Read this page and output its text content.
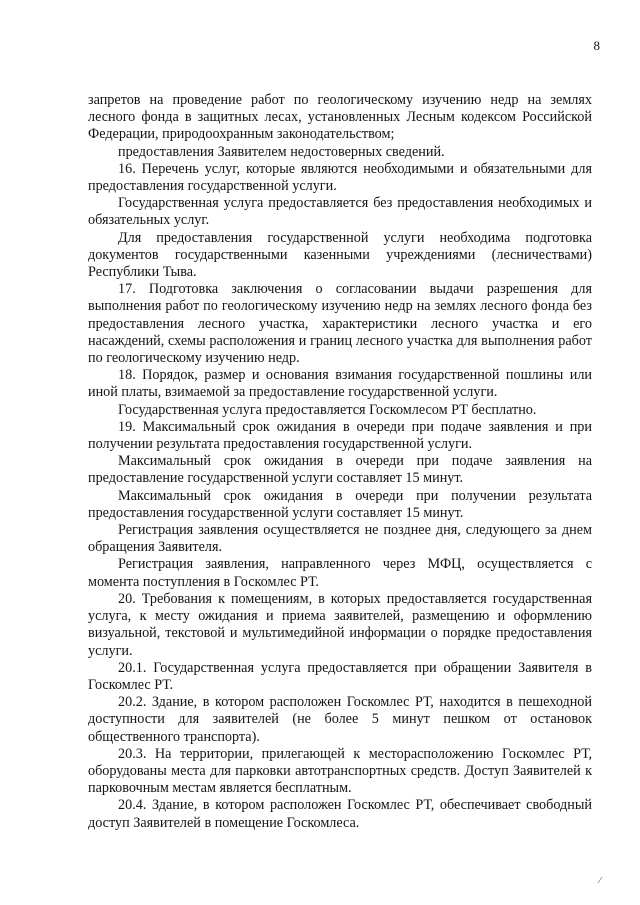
8

запретов на проведение работ по геологическому изучению недр на землях лесного фонда в защитных лесах, установленных Лесным кодексом Российской Федерации, природоохранным законодательством;

предоставления Заявителем недостоверных сведений.

16. Перечень услуг, которые являются необходимыми и обязательными для предоставления государственной услуги.

Государственная услуга предоставляется без предоставления необходимых и обязательных услуг.

Для предоставления государственной услуги необходима подготовка документов государственными казенными учреждениями (лесничествами) Республики Тыва.

17. Подготовка заключения о согласовании выдачи разрешения для выполнения работ по геологическому изучению недр на землях лесного фонда без предоставления лесного участка, характеристики лесного участка и его насаждений, схемы расположения и границ лесного участка для выполнения работ по геологическому изучению недр.

18. Порядок, размер и основания взимания государственной пошлины или иной платы, взимаемой за предоставление государственной услуги.

Государственная услуга предоставляется Госкомлесом РТ бесплатно.

19. Максимальный срок ожидания в очереди при подаче заявления и при получении результата предоставления государственной услуги.

Максимальный срок ожидания в очереди при подаче заявления на предоставление государственной услуги составляет 15 минут.

Максимальный срок ожидания в очереди при получении результата предоставления государственной услуги составляет 15 минут.

Регистрация заявления осуществляется не позднее дня, следующего за днем обращения Заявителя.

Регистрация заявления, направленного через МФЦ, осуществляется с момента поступления в Госкомлес РТ.

20. Требования к помещениям, в которых предоставляется государственная услуга, к месту ожидания и приема заявителей, размещению и оформлению визуальной, текстовой и мультимедийной информации о порядке предоставления услуги.

20.1. Государственная услуга предоставляется при обращении Заявителя в Госкомлес РТ.

20.2. Здание, в котором расположен Госкомлес РТ, находится в пешеходной доступности для заявителей (не более 5 минут пешком от остановок общественного транспорта).

20.3. На территории, прилегающей к месторасположению Госкомлес РТ, оборудованы места для парковки автотранспортных средств. Доступ Заявителей к парковочным местам является бесплатным.

20.4. Здание, в котором расположен Госкомлес РТ, обеспечивает свободный доступ Заявителей в помещение Госкомлеса.
